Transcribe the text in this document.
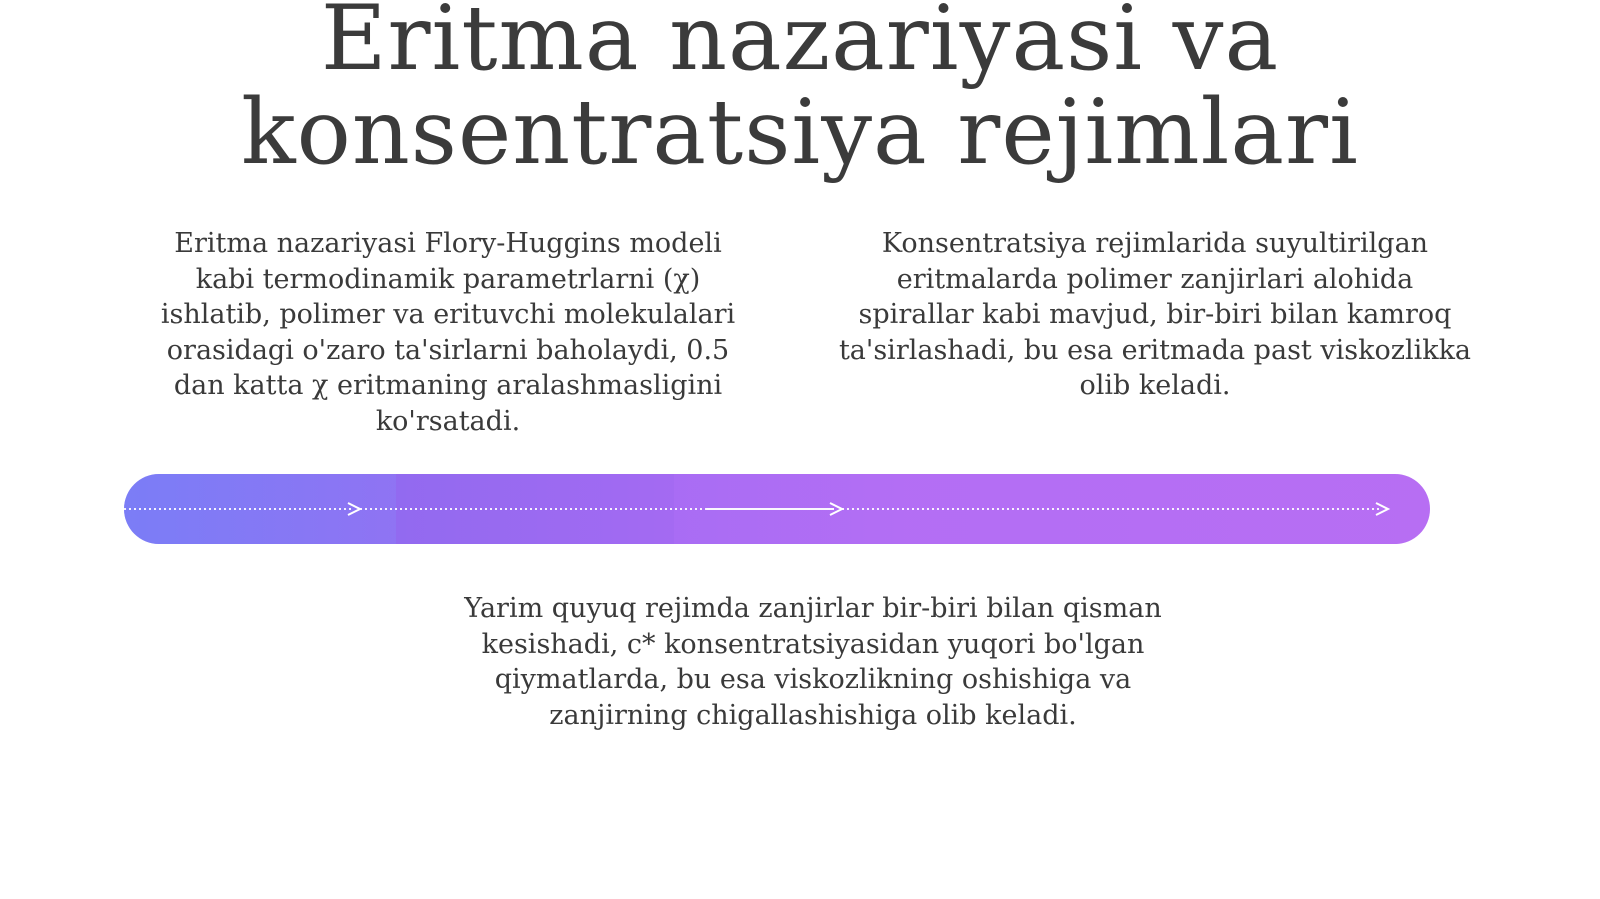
Eritma nazariyasi va
konsentratsiya rejimlari

Eritma nazariyasi Flory-Huggins modeli kabi termodinamik parametrlarni (χ) ishlatib, polimer va erituvchi molekulalari orasidagi o'zaro ta'sirlarni baholaydi, 0.5 dan katta χ eritmaning aralashmasligini ko'rsatadi.

Konsentratsiya rejimlarida suyultirilgan eritmalarda polimer zanjirlari alohida spirallar kabi mavjud, bir-biri bilan kamroq ta'sirlashadi, bu esa eritmada past viskozlikka olib keladi.

Yarim quyuq rejimda zanjirlar bir-biri bilan qisman kesishadi, c* konsentratsiyasidan yuqori bo'lgan qiymatlarda, bu esa viskozlikning oshishiga va zanjirning chigallashishiga olib keladi.
